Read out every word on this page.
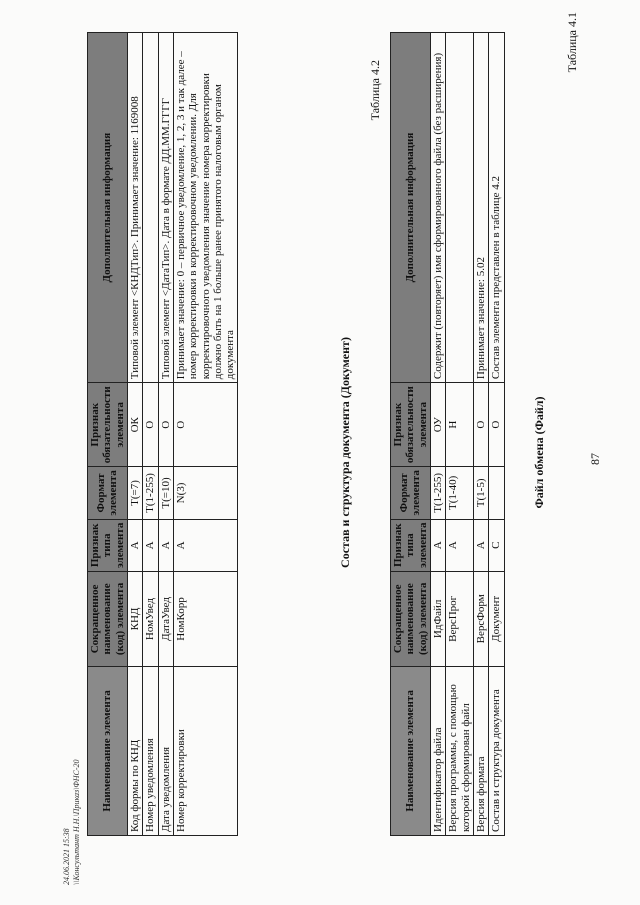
87
Таблица 4.1
Файл обмена (Файл)
Наименование элемента	Сокращенное наименование (код) элемента	Признак типа элемента	Формат элемента	Признак обязательности элемента	Дополнительная информация
Идентификатор файла	ИдФайл	А	T(1-255)	ОУ	Содержит (повторяет) имя сформированного файла (без расширения)
Версия программы, с помощью которой сформирован файл	ВерсПрог	А	T(1-40)	Н	
Версия формата	ВерсФорм	А	T(1-5)	О	Принимает значение: 5.02
Состав и структура документа	Документ	С		О	Состав элемента представлен в таблице 4.2
Таблица 4.2
Состав и структура документа (Документ)
Наименование элемента	Сокращенное наименование (код) элемента	Признак типа элемента	Формат элемента	Признак обязательности элемента	Дополнительная информация
Код формы по КНД	КНД	А	T(=7)	ОК	Типовой элемент <КНДТип>. Принимает значение: 1169008
Номер уведомления	НомУвед	А	T(1-255)	О	
Дата уведомления	ДатаУвед	А	T(=10)	О	Типовой элемент <ДатаТип>. Дата в формате ДД.ММ.ГГГГ
Номер корректировки	НомКорр	А	N(3)	О	Принимает значение: 0 – первичное уведомление, 1, 2, 3 и так далее – номер корректировки в корректировочном уведомлении. Для корректировочного уведомления значение номера корректировки должно быть на 1 больше ранее принятого налоговым органом документа
24.06.2021 15:38 \\Консультант Н.Н.\Приказ\ФНС-20
